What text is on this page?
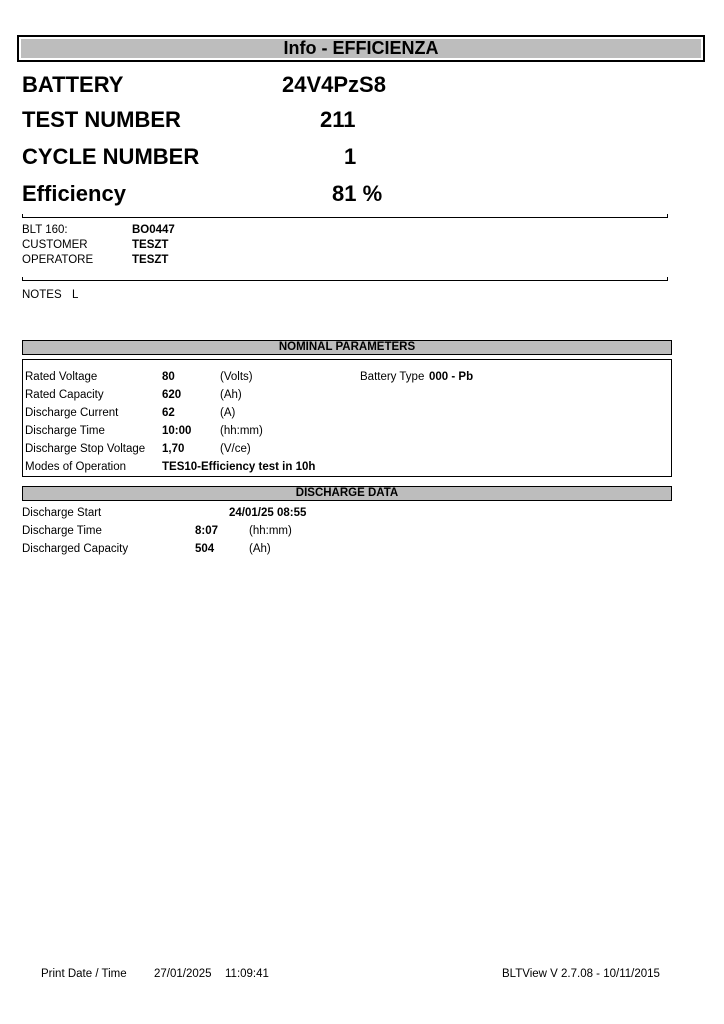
Info - EFFICIENZA
BATTERY	24V4PzS8
TEST NUMBER	211
CYCLE NUMBER	1
Efficiency	81 %
BLT 160:	BO0447
CUSTOMER	TESZT
OPERATORE	TESZT
NOTES L
NOMINAL PARAMETERS
Rated Voltage	80	(Volts)	Battery Type 000 - Pb
Rated Capacity	620	(Ah)
Discharge Current	62	(A)
Discharge Time	10:00 (hh:mm)
Discharge Stop Voltage 1,70	(V/ce)
Modes of Operation	TES10-Efficiency test in 10h
DISCHARGE DATA
Discharge Start	24/01/25 08:55
Discharge Time	8:07	(hh:mm)
Discharged Capacity	504	(Ah)
Print Date / Time 27/01/2025 11:09:41	BLTView V 2.7.08 - 10/11/2015
